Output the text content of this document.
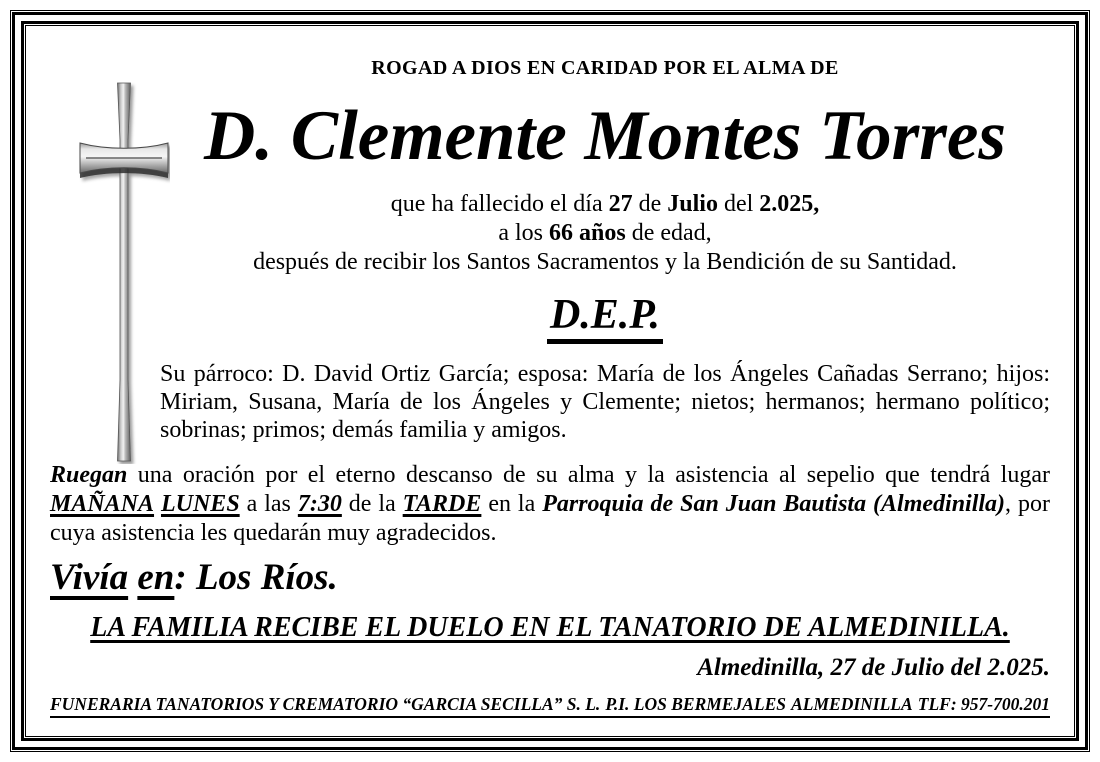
ROGAD A DIOS EN CARIDAD POR EL ALMA DE
D. Clemente Montes Torres
que ha fallecido el día 27 de Julio del 2.025,
a los 66 años de edad,
después de recibir los Santos Sacramentos y la Bendición de su Santidad.
D.E.P.
Su párroco: D. David Ortiz García; esposa: María de los Ángeles Cañadas Serrano; hijos: Miriam, Susana, María de los Ángeles y Clemente; nietos; hermanos; hermano político; sobrinas; primos; demás familia y amigos.
Ruegan una oración por el eterno descanso de su alma y la asistencia al sepelio que tendrá lugar MAÑANA LUNES a las 7:30 de la TARDE en la Parroquia de San Juan Bautista (Almedinilla), por cuya asistencia les quedarán muy agradecidos.
Vivía en: Los Ríos.
LA FAMILIA RECIBE EL DUELO EN EL TANATORIO DE ALMEDINILLA.
Almedinilla, 27 de Julio del 2.025.
FUNERARIA TANATORIOS Y CREMATORIO “GARCIA SECILLA” S. L. P.I. LOS BERMEJALES ALMEDINILLA TLF: 957-700.201
